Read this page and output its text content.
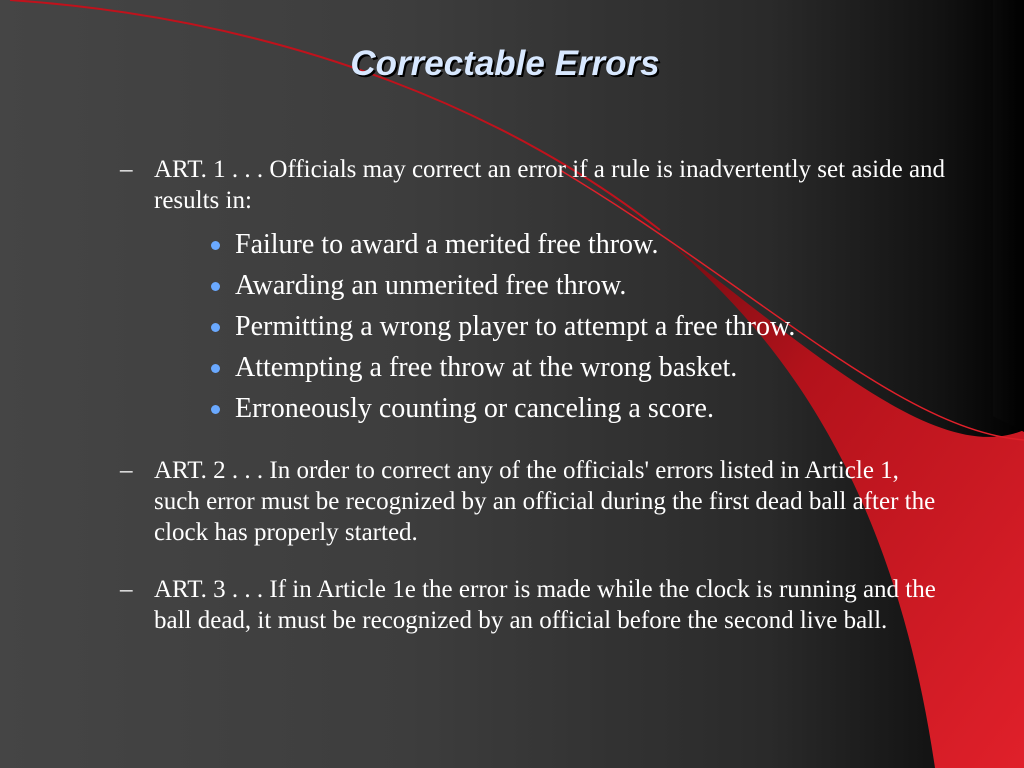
Correctable Errors
– ART. 1 . . . Officials may correct an error if a rule is inadvertently set aside and results in:
Failure to award a merited free throw.
Awarding an unmerited free throw.
Permitting a wrong player to attempt a free throw.
Attempting a free throw at the wrong basket.
Erroneously counting or canceling a score.
– ART. 2 . . . In order to correct any of the officials' errors listed in Article 1, such error must be recognized by an official during the first dead ball after the clock has properly started.
– ART. 3 . . . If in Article 1e the error is made while the clock is running and the ball dead, it must be recognized by an official before the second live ball.
